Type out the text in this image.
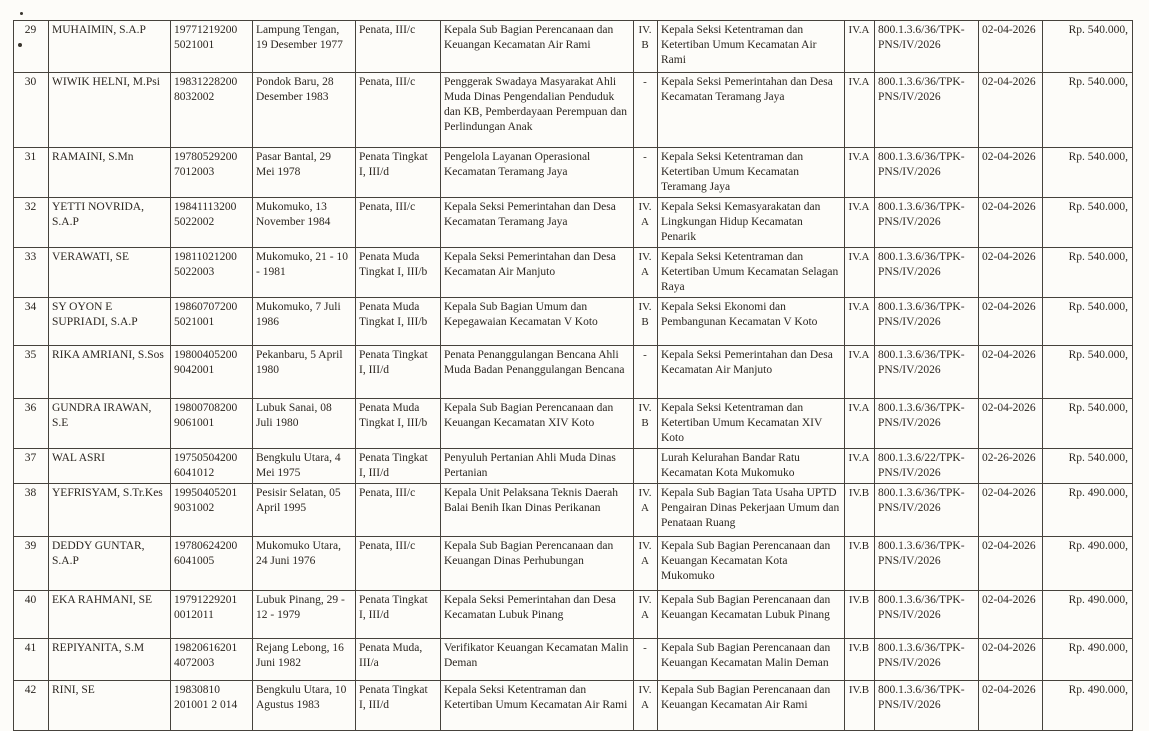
29	MUHAIMIN, S.A.P	19771219200 5021001	Lampung Tengan, 19 Desember 1977	Penata, III/c	Kepala Sub Bagian Perencanaan dan Keuangan Kecamatan Air Rami	IV.B	Kepala Seksi Ketentraman dan Ketertiban Umum Kecamatan Air Rami	IV.A	800.1.3.6/36/TPK-PNS/IV/2026	02-04-2026	Rp. 540.000,
30	WIWIK HELNI, M.Psi	19831228200 8032002	Pondok Baru, 28 Desember 1983	Penata, III/c	Penggerak Swadaya Masyarakat Ahli Muda Dinas Pengendalian Penduduk dan KB, Pemberdayaan Perempuan dan Perlindungan Anak	-	Kepala Seksi Pemerintahan dan Desa Kecamatan Teramang Jaya	IV.A	800.1.3.6/36/TPK-PNS/IV/2026	02-04-2026	Rp. 540.000,
31	RAMAINI, S.Mn	19780529200 7012003	Pasar Bantal, 29 Mei 1978	Penata Tingkat I, III/d	Pengelola Layanan Operasional Kecamatan Teramang Jaya	-	Kepala Seksi Ketentraman dan Ketertiban Umum Kecamatan Teramang Jaya	IV.A	800.1.3.6/36/TPK-PNS/IV/2026	02-04-2026	Rp. 540.000,
32	YETTI NOVRIDA, S.A.P	19841113200 5022002	Mukomuko, 13 November 1984	Penata, III/c	Kepala Seksi Pemerintahan dan Desa Kecamatan Teramang Jaya	IV.A	Kepala Seksi Kemasyarakatan dan Lingkungan Hidup Kecamatan Penarik	IV.A	800.1.3.6/36/TPK-PNS/IV/2026	02-04-2026	Rp. 540.000,
33	VERAWATI, SE	19811021200 5022003	Mukomuko, 21 - 10 - 1981	Penata Muda Tingkat I, III/b	Kepala Seksi Pemerintahan dan Desa Kecamatan Air Manjuto	IV.A	Kepala Seksi Ketentraman dan Ketertiban Umum Kecamatan Selagan Raya	IV.A	800.1.3.6/36/TPK-PNS/IV/2026	02-04-2026	Rp. 540.000,
34	SY OYON E SUPRIADI, S.A.P	19860707200 5021001	Mukomuko, 7 Juli 1986	Penata Muda Tingkat I, III/b	Kepala Sub Bagian Umum dan Kepegawaian Kecamatan V Koto	IV.B	Kepala Seksi Ekonomi dan Pembangunan Kecamatan V Koto	IV.A	800.1.3.6/36/TPK-PNS/IV/2026	02-04-2026	Rp. 540.000,
35	RIKA AMRIANI, S.Sos	19800405200 9042001	Pekanbaru, 5 April 1980	Penata Tingkat I, III/d	Penata Penanggulangan Bencana Ahli Muda Badan Penanggulangan Bencana	-	Kepala Seksi Pemerintahan dan Desa Kecamatan Air Manjuto	IV.A	800.1.3.6/36/TPK-PNS/IV/2026	02-04-2026	Rp. 540.000,
36	GUNDRA IRAWAN, S.E	19800708200 9061001	Lubuk Sanai, 08 Juli 1980	Penata Muda Tingkat I, III/b	Kepala Sub Bagian Perencanaan dan Keuangan Kecamatan XIV Koto	IV.B	Kepala Seksi Ketentraman dan Ketertiban Umum Kecamatan XIV Koto	IV.A	800.1.3.6/36/TPK-PNS/IV/2026	02-04-2026	Rp. 540.000,
37	WAL ASRI	19750504200 6041012	Bengkulu Utara, 4 Mei 1975	Penata Tingkat I, III/d	Penyuluh Pertanian Ahli Muda Dinas Pertanian		Lurah Kelurahan Bandar Ratu Kecamatan Kota Mukomuko	IV.A	800.1.3.6/22/TPK-PNS/IV/2026	02-26-2026	Rp. 540.000,
38	YEFRISYAM, S.Tr.Kes	19950405201 9031002	Pesisir Selatan, 05 April 1995	Penata, III/c	Kepala Unit Pelaksana Teknis Daerah Balai Benih Ikan Dinas Perikanan	IV.A	Kepala Sub Bagian Tata Usaha UPTD Pengairan Dinas Pekerjaan Umum dan Penataan Ruang	IV.B	800.1.3.6/36/TPK-PNS/IV/2026	02-04-2026	Rp. 490.000,
39	DEDDY GUNTAR, S.A.P	19780624200 6041005	Mukomuko Utara, 24 Juni 1976	Penata, III/c	Kepala Sub Bagian Perencanaan dan Keuangan Dinas Perhubungan	IV.A	Kepala Sub Bagian Perencanaan dan Keuangan Kecamatan Kota Mukomuko	IV.B	800.1.3.6/36/TPK-PNS/IV/2026	02-04-2026	Rp. 490.000,
40	EKA RAHMANI, SE	19791229201 0012011	Lubuk Pinang, 29 - 12 - 1979	Penata Tingkat I, III/d	Kepala Seksi Pemerintahan dan Desa Kecamatan Lubuk Pinang	IV.A	Kepala Sub Bagian Perencanaan dan Keuangan Kecamatan Lubuk Pinang	IV.B	800.1.3.6/36/TPK-PNS/IV/2026	02-04-2026	Rp. 490.000,
41	REPIYANITA, S.M	19820616201 4072003	Rejang Lebong, 16 Juni 1982	Penata Muda, III/a	Verifikator Keuangan Kecamatan Malin Deman	-	Kepala Sub Bagian Perencanaan dan Keuangan Kecamatan Malin Deman	IV.B	800.1.3.6/36/TPK-PNS/IV/2026	02-04-2026	Rp. 490.000,
42	RINI, SE	19830810 201001 2 014	Bengkulu Utara, 10 Agustus 1983	Penata Tingkat I, III/d	Kepala Seksi Ketentraman dan Ketertiban Umum Kecamatan Air Rami	IV.A	Kepala Sub Bagian Perencanaan dan Keuangan Kecamatan Air Rami	IV.B	800.1.3.6/36/TPK-PNS/IV/2026	02-04-2026	Rp. 490.000,
